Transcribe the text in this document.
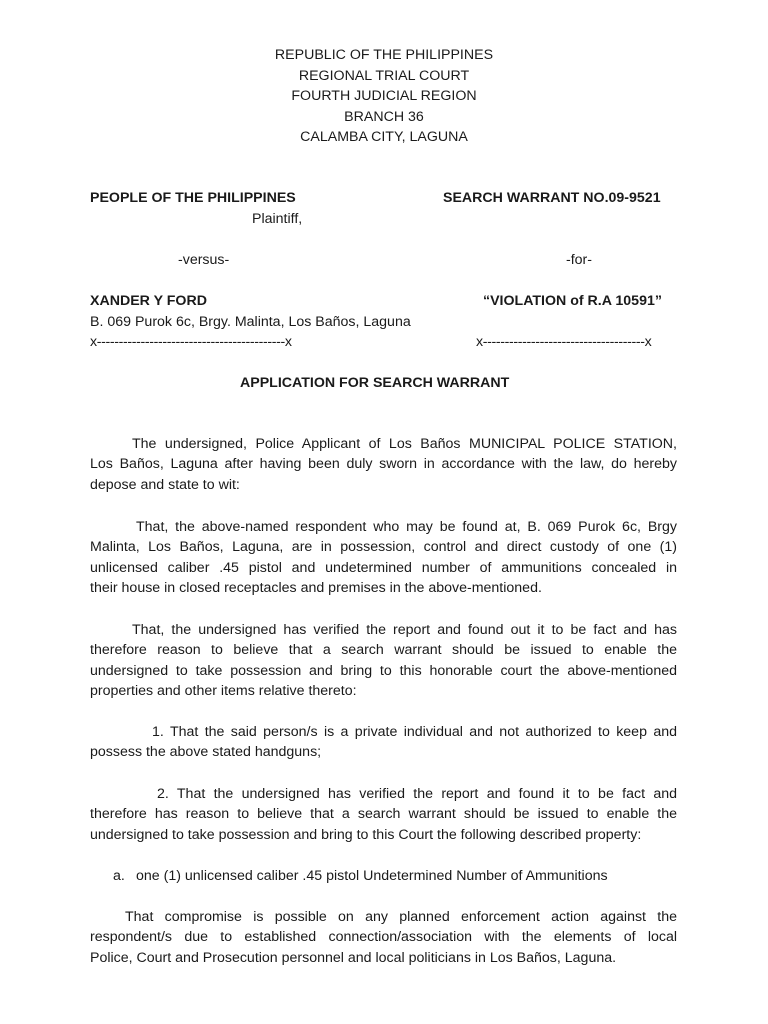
REPUBLIC OF THE PHILIPPINES
REGIONAL TRIAL COURT
FOURTH JUDICIAL REGION
BRANCH 36
CALAMBA CITY, LAGUNA
PEOPLE OF THE PHILIPPINES
Plaintiff,
-versus-
XANDER Y FORD
B. 069 Purok 6c, Brgy. Malinta, Los Baños, Laguna
x-------------------------------------------x
SEARCH WARRANT NO.09-9521
-for-
“VIOLATION of R.A 10591”
x-------------------------------------x
APPLICATION FOR SEARCH WARRANT
The undersigned, Police Applicant of Los Baños MUNICIPAL POLICE STATION,
Los Baños, Laguna after having been duly sworn in accordance with the law, do hereby
depose and state to wit:
That, the above-named respondent who may be found at, B. 069 Purok 6c, Brgy
Malinta, Los Baños, Laguna, are in possession, control and direct custody of one (1)
unlicensed caliber .45 pistol and undetermined number of ammunitions concealed in
their house in closed receptacles and premises in the above-mentioned.
That, the undersigned has verified the report and found out it to be fact and has
therefore reason to believe that a search warrant should be issued to enable the
undersigned to take possession and bring to this honorable court the above-mentioned
properties and other items relative thereto:
1. That the said person/s is a private individual and not authorized to keep and
possess the above stated handguns;
2. That the undersigned has verified the report and found it to be fact and
therefore has reason to believe that a search warrant should be issued to enable the
undersigned to take possession and bring to this Court the following described property:
a. one (1) unlicensed caliber .45 pistol Undetermined Number of Ammunitions
That compromise is possible on any planned enforcement action against the
respondent/s due to established connection/association with the elements of local
Police, Court and Prosecution personnel and local politicians in Los Baños, Laguna.
